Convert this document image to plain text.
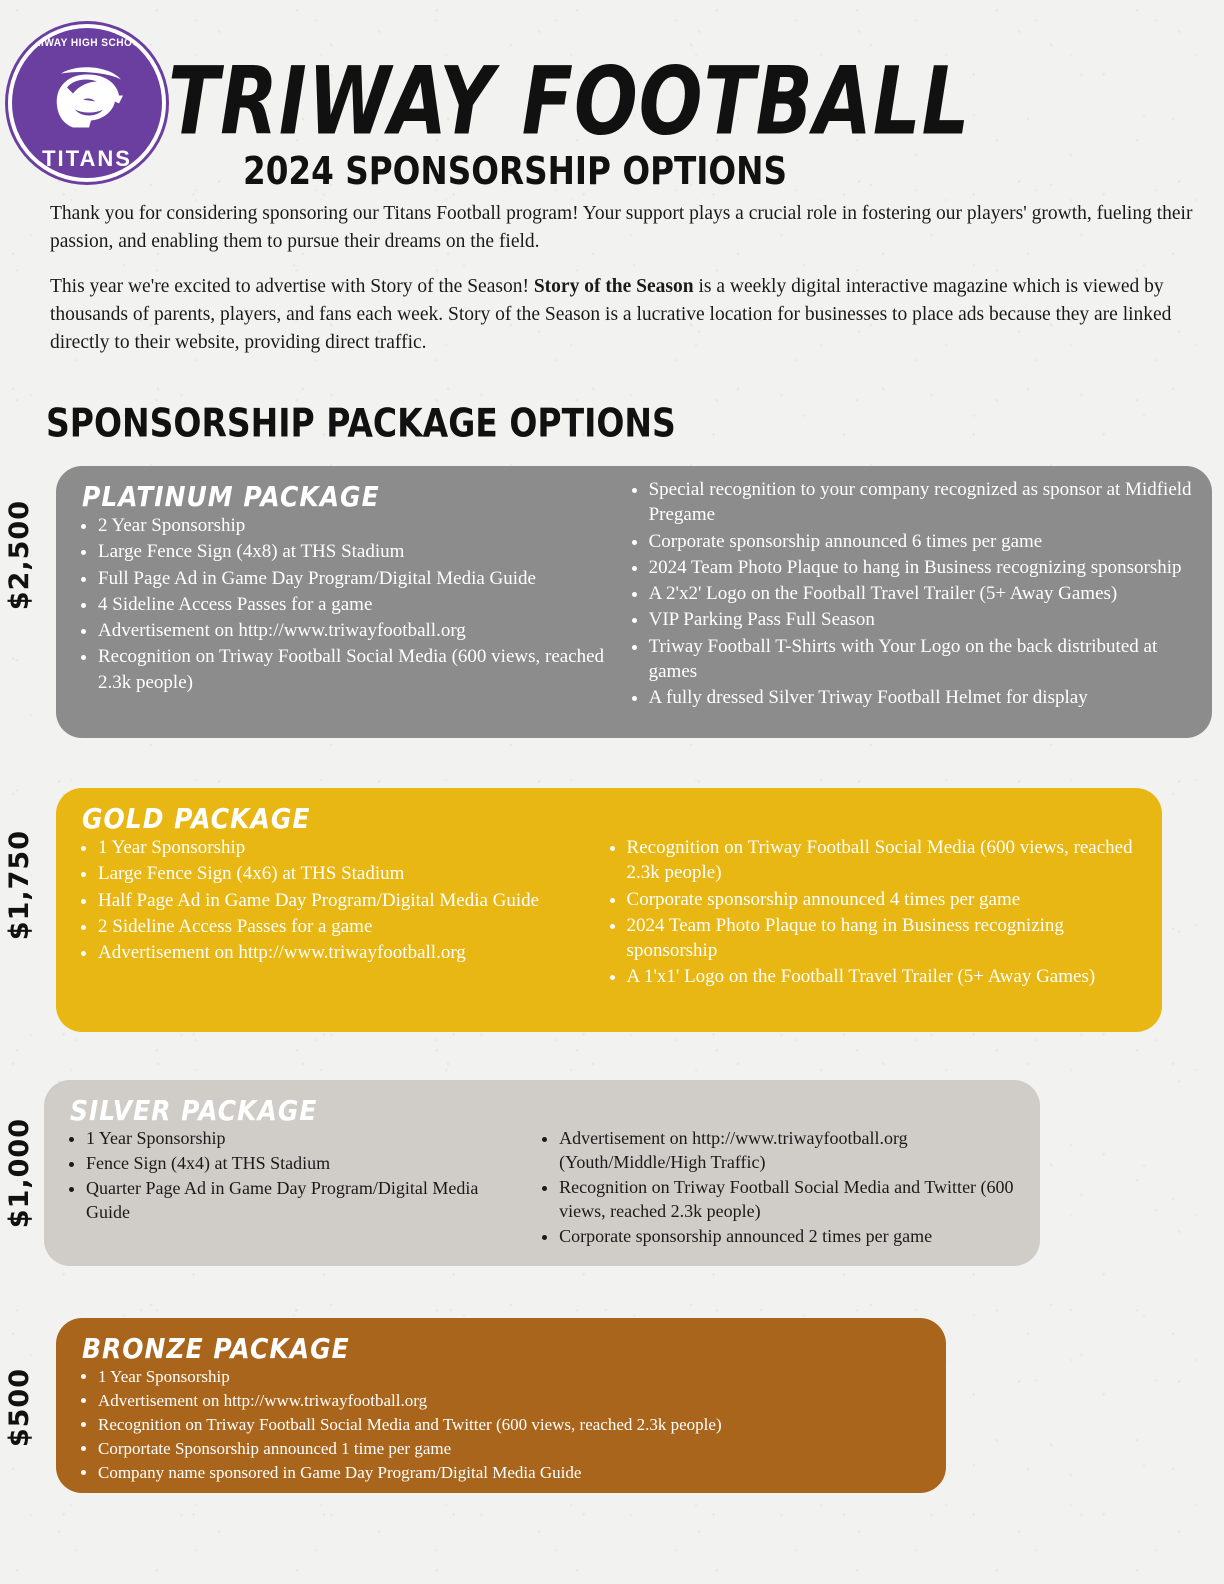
TRIWAY HIGH SCHOOL
TITANS
TRIWAY FOOTBALL
2024 SPONSORSHIP OPTIONS

Thank you for considering sponsoring our Titans Football program! Your support plays a crucial role in fostering our players' growth, fueling their passion, and enabling them to pursue their dreams on the field.

This year we're excited to advertise with Story of the Season! Story of the Season is a weekly digital interactive magazine which is viewed by thousands of parents, players, and fans each week. Story of the Season is a lucrative location for businesses to place ads because they are linked directly to their website, providing direct traffic.

SPONSORSHIP PACKAGE OPTIONS
$2,500
$1,750
$1,000
$500
PLATINUM PACKAGE
• 2 Year Sponsorship
• Large Fence Sign (4x8) at THS Stadium
• Full Page Ad in Game Day Program/Digital Media Guide
• 4 Sideline Access Passes for a game
• Advertisement on http://www.triwayfootball.org
• Recognition on Triway Football Social Media (600 views, reached 2.3k people)
• Special recognition to your company recognized as sponsor at Midfield Pregame
• Corporate sponsorship announced 6 times per game
• 2024 Team Photo Plaque to hang in Business recognizing sponsorship
• A 2'x2' Logo on the Football Travel Trailer (5+ Away Games)
• VIP Parking Pass Full Season
• Triway Football T-Shirts with Your Logo on the back distributed at games
• A fully dressed Silver Triway Football Helmet for display
GOLD PACKAGE
• 1 Year Sponsorship
• Large Fence Sign (4x6) at THS Stadium
• Half Page Ad in Game Day Program/Digital Media Guide
• 2 Sideline Access Passes for a game
• Advertisement on http://www.triwayfootball.org
• Recognition on Triway Football Social Media (600 views, reached 2.3k people)
• Corporate sponsorship announced 4 times per game
• 2024 Team Photo Plaque to hang in Business recognizing sponsorship
• A 1'x1' Logo on the Football Travel Trailer (5+ Away Games)
SILVER PACKAGE
• 1 Year Sponsorship
• Fence Sign (4x4) at THS Stadium
• Quarter Page Ad in Game Day Program/Digital Media Guide
• Advertisement on http://www.triwayfootball.org (Youth/Middle/High Traffic)
• Recognition on Triway Football Social Media and Twitter (600 views, reached 2.3k people)
• Corporate sponsorship announced 2 times per game
BRONZE PACKAGE
• 1 Year Sponsorship
• Advertisement on http://www.triwayfootball.org
• Recognition on Triway Football Social Media and Twitter (600 views, reached 2.3k people)
• Corportate Sponsorship announced 1 time per game
• Company name sponsored in Game Day Program/Digital Media Guide
